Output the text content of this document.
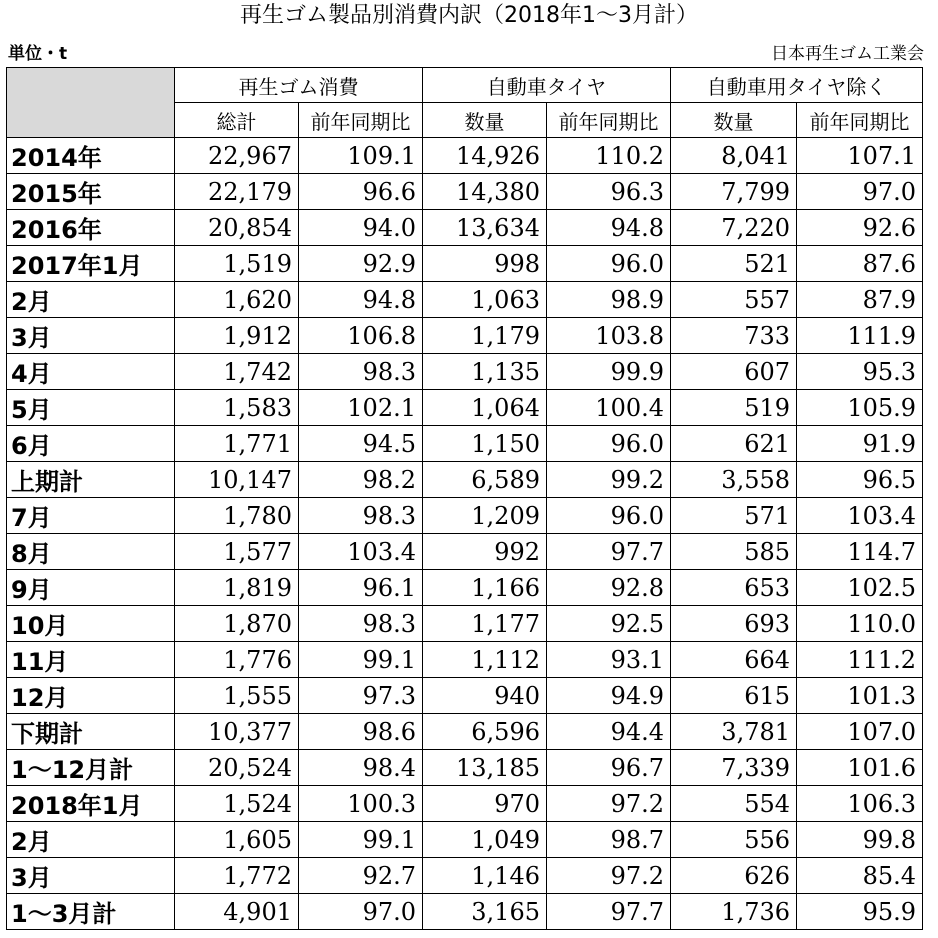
再生ゴム製品別消費内訳（2018年1～3月計）
単位・t	日本再生ゴム工業会
	再生ゴム消費		自動車タイヤ		自動車用タイヤ除く	
	総計	前年同期比	数量	前年同期比	数量	前年同期比
2014年	22,967	109.1	14,926	110.2	8,041	107.1
2015年	22,179	96.6	14,380	96.3	7,799	97.0
2016年	20,854	94.0	13,634	94.8	7,220	92.6
2017年1月	1,519	92.9	998	96.0	521	87.6
2月	1,620	94.8	1,063	98.9	557	87.9
3月	1,912	106.8	1,179	103.8	733	111.9
4月	1,742	98.3	1,135	99.9	607	95.3
5月	1,583	102.1	1,064	100.4	519	105.9
6月	1,771	94.5	1,150	96.0	621	91.9
上期計	10,147	98.2	6,589	99.2	3,558	96.5
7月	1,780	98.3	1,209	96.0	571	103.4
8月	1,577	103.4	992	97.7	585	114.7
9月	1,819	96.1	1,166	92.8	653	102.5
10月	1,870	98.3	1,177	92.5	693	110.0
11月	1,776	99.1	1,112	93.1	664	111.2
12月	1,555	97.3	940	94.9	615	101.3
下期計	10,377	98.6	6,596	94.4	3,781	107.0
1～12月計	20,524	98.4	13,185	96.7	7,339	101.6
2018年1月	1,524	100.3	970	97.2	554	106.3
2月	1,605	99.1	1,049	98.7	556	99.8
3月	1,772	92.7	1,146	97.2	626	85.4
1～3月計	4,901	97.0	3,165	97.7	1,736	95.9
